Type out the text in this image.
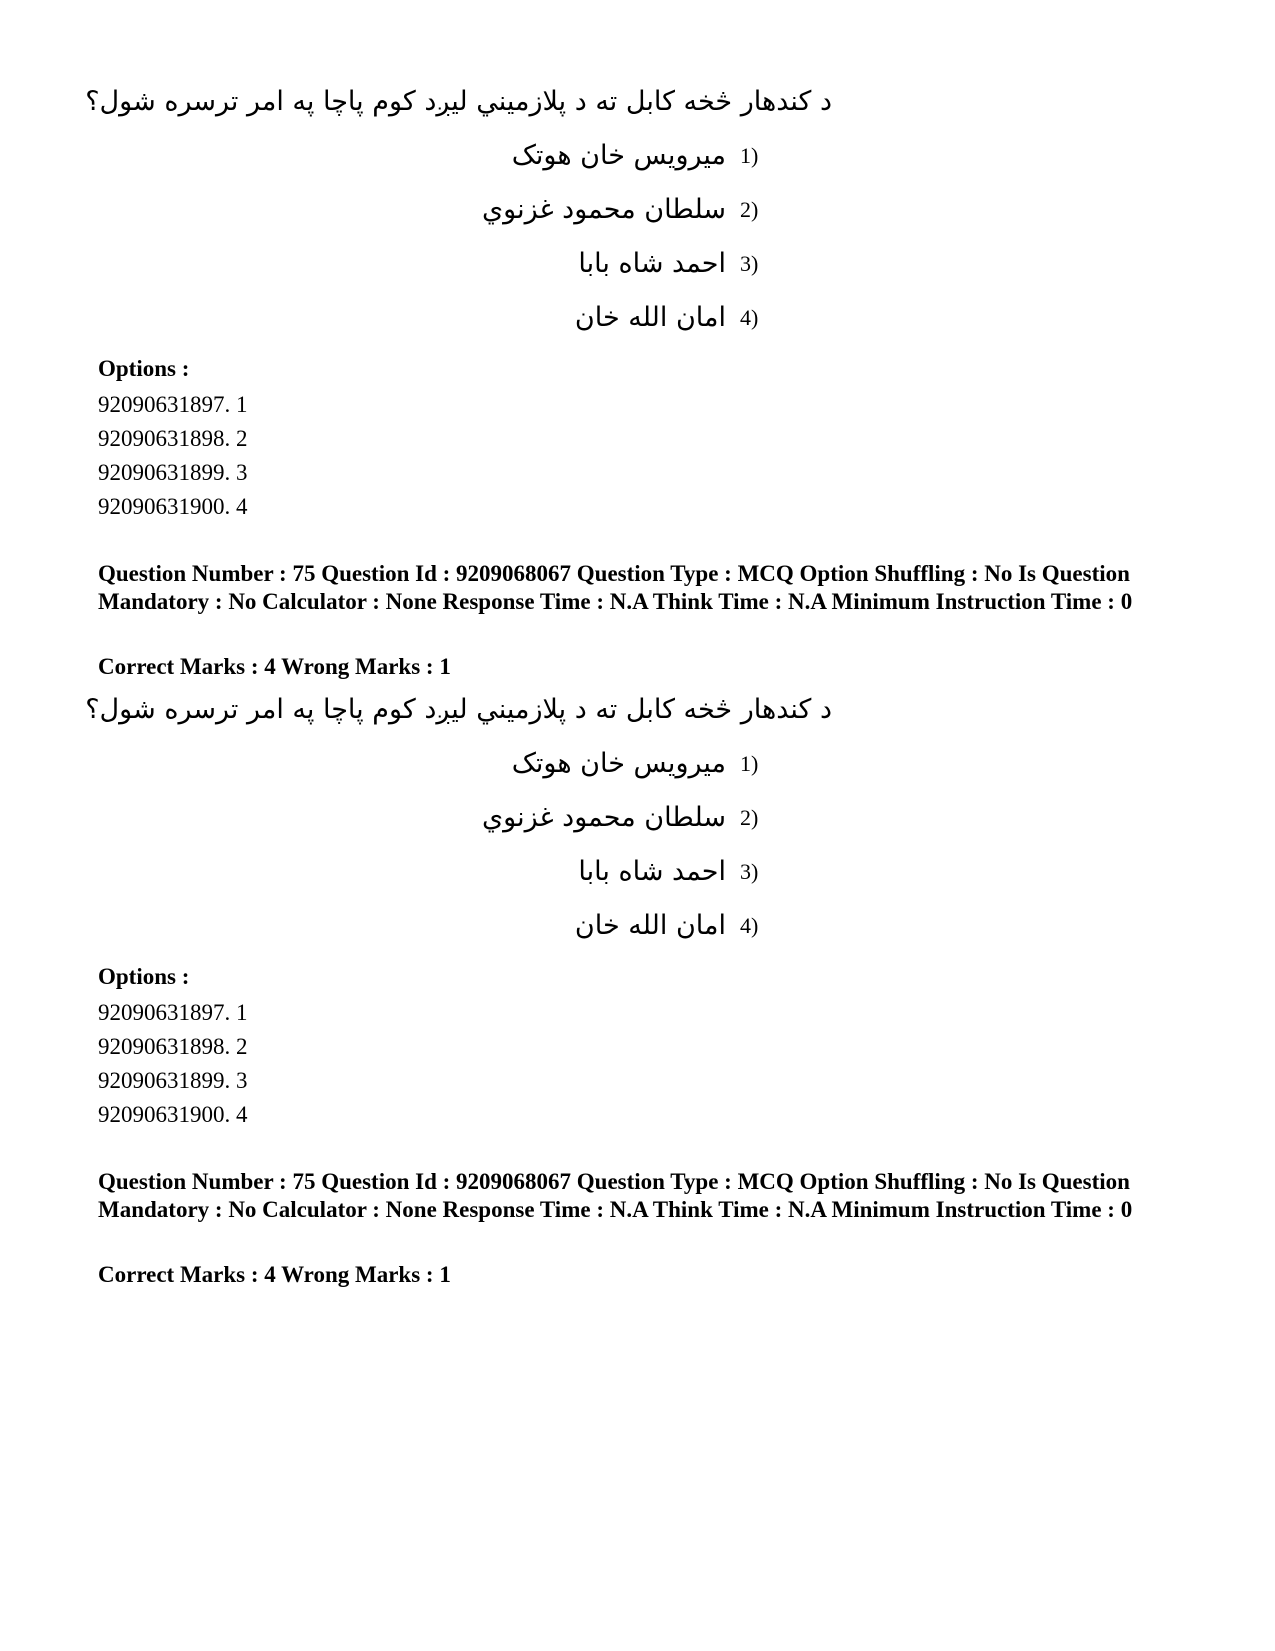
د کندهار څخه کابل ته د پلازمیني لیږد کوم پاچا په امر ترسره شول؟
1)
میرویس خان هوتک
2)
سلطان محمود غزنوي
3)
احمد شاه بابا
4)
امان الله خان
Options :
92090631897. 1
92090631898. 2
92090631899. 3
92090631900. 4
Question Number : 75 Question Id : 9209068067 Question Type : MCQ Option Shuffling : No Is Question Mandatory : No Calculator : None Response Time : N.A Think Time : N.A Minimum Instruction Time : 0
Correct Marks : 4 Wrong Marks : 1
د کندهار څخه کابل ته د پلازمیني لیږد کوم پاچا په امر ترسره شول؟
1)
میرویس خان هوتک
2)
سلطان محمود غزنوي
3)
احمد شاه بابا
4)
امان الله خان
Options :
92090631897. 1
92090631898. 2
92090631899. 3
92090631900. 4
Question Number : 75 Question Id : 9209068067 Question Type : MCQ Option Shuffling : No Is Question Mandatory : No Calculator : None Response Time : N.A Think Time : N.A Minimum Instruction Time : 0
Correct Marks : 4 Wrong Marks : 1
